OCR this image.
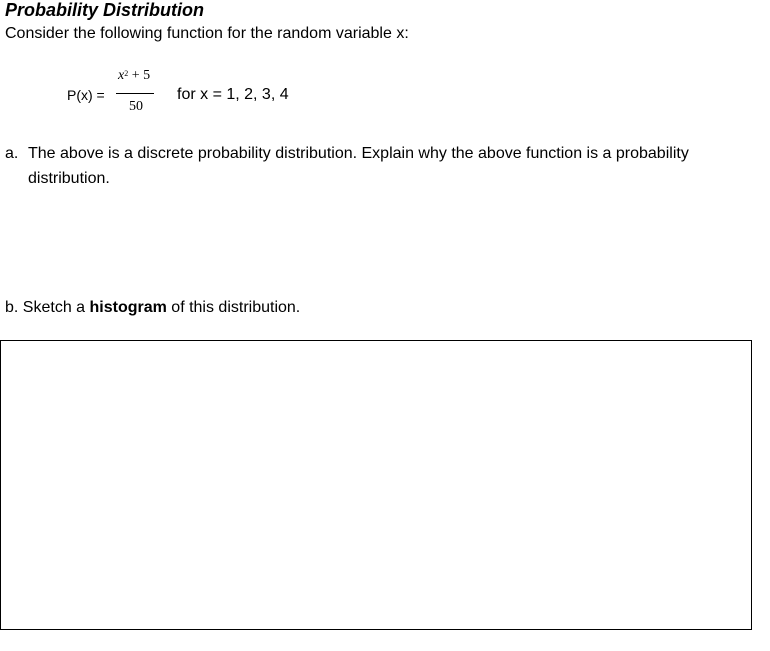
Probability Distribution
Consider the following function for the random variable x:
P(x) =
$x^2 + 5$
50
for x = 1, 2, 3, 4
a. The above is a discrete probability distribution. Explain why the above function is a probability distribution.
b. Sketch a histogram of this distribution.
